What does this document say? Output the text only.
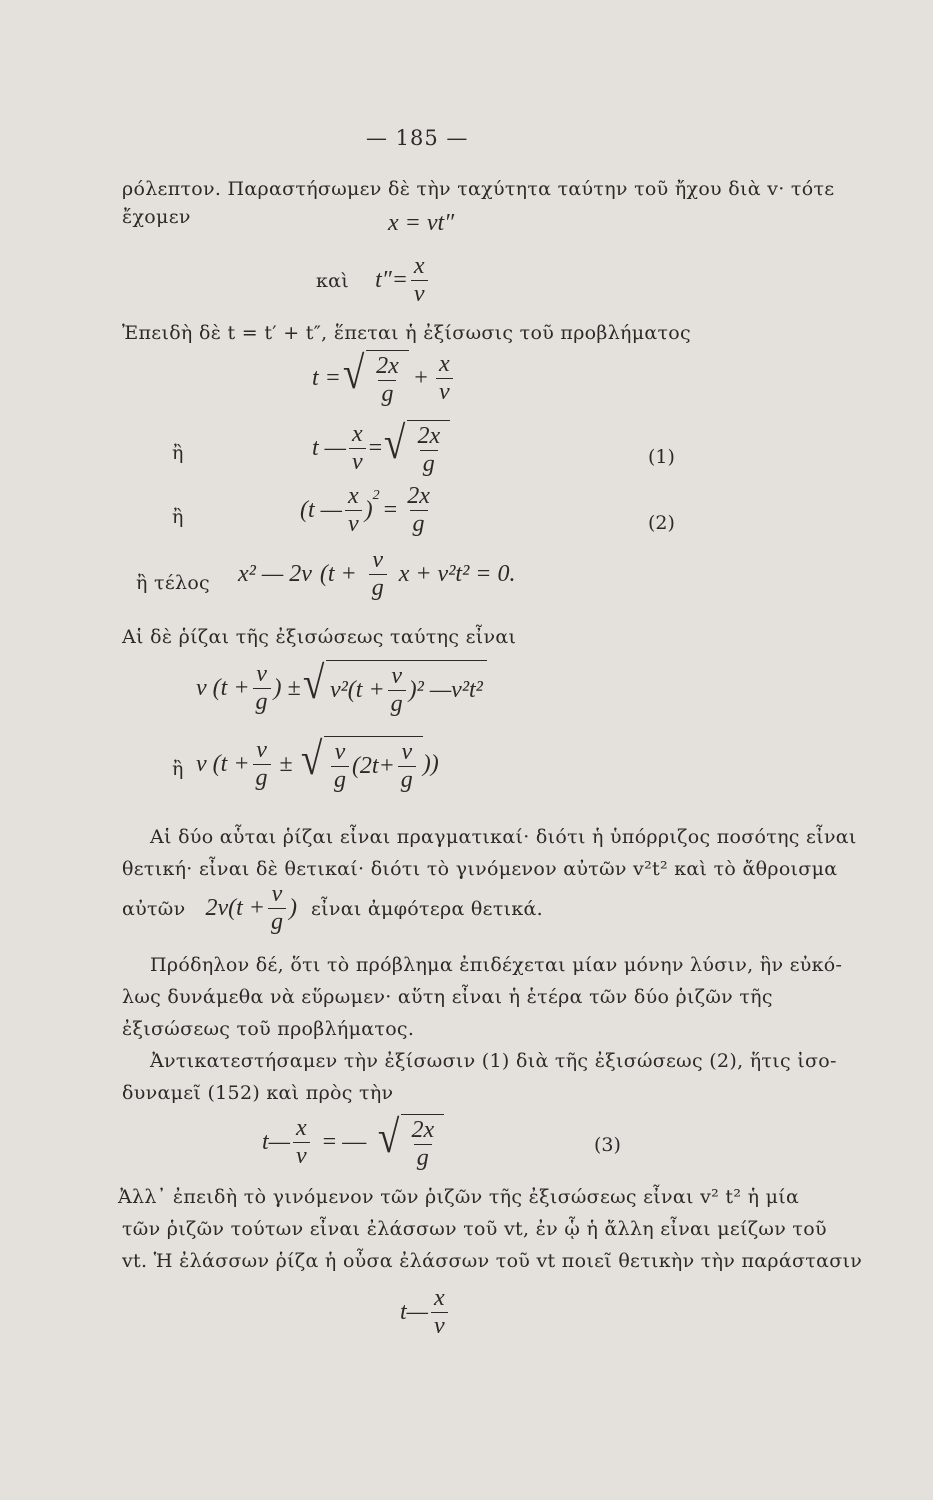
— 185 —
ρόλεπτον. Παραστήσωμεν δὲ τὴν ταχύτητα ταύτην τοῦ ἤχου διὰ v· τότε
ἔχομεν	x = vt″
καὶ $t''= \frac{x}{v}$
Ἐπειδὴ δὲ t = t′ + t″, ἕπεται ἡ ἐξίσωσις τοῦ προβλήματος
t = √ $\frac{2x}{g} + \frac{x}{v}$
ἢ	t — $\frac{x}{v}$ = √ $\frac{2x}{g}$	(1)
ἢ	(t — $\frac{x}{v}$ )
$^2$
= $\frac{2x}{g}$	(2)
ἢ τέλος x² — 2v ($t + \frac{v}{g}$ x + v²t² = 0.
Αἱ δὲ ῥίζαι τῆς ἐξισώσεως ταύτης εἶναι
v ($t + \frac{v}{g}$ ) ± √ $v^2(t + \frac{v}{g} )^2$ —v²t²
ἢ v ($t + \frac{v}{g}$ ± √ $\frac{v}{g} (2t+ \frac{v}{g}$ ))
Αἱ δύο αὗται ῥίζαι εἶναι πραγματικαί· διότι ἡ ὑπόρριζος ποσότης εἶναι
θετική· εἶναι δὲ θετικαί· διότι τὸ γινόμενον αὐτῶν v²t² καὶ τὸ ἄθροισμα
αὐτῶν $2v(t + \frac{v}{g}$ ) εἶναι ἀμφότερα θετικά.
Πρόδηλον δέ, ὅτι τὸ πρόβλημα ἐπιδέχεται μίαν μόνην λύσιν, ἣν εὐκό-
λως δυνάμεθα νὰ εὕρωμεν· αὕτη εἶναι ἡ ἑτέρα τῶν δύο ῥιζῶν τῆς
ἐξισώσεως τοῦ προβλήματος.
Ἀντικατεστήσαμεν τὴν ἐξίσωσιν (1) διὰ τῆς ἐξισώσεως (2), ἥτις ἰσο-
δυναμεῖ (152) καὶ πρὸς τὴν
t— $\frac{x}{v}$ = — √ $\frac{2x}{g}$	(3)
Ἀλλ᾽ ἐπειδὴ τὸ γινόμενον τῶν ῥιζῶν τῆς ἐξισώσεως εἶναι v² t² ἡ μία
τῶν ῥιζῶν τούτων εἶναι ἐλάσσων τοῦ vt, ἐν ᾧ ἡ ἄλλη εἶναι μείζων τοῦ
vt. Ἡ ἐλάσσων ῥίζα ἡ οὖσα ἐλάσσων τοῦ vt ποιεῖ θετικὴν τὴν παράστασιν
t— $\frac{x}{v}$
